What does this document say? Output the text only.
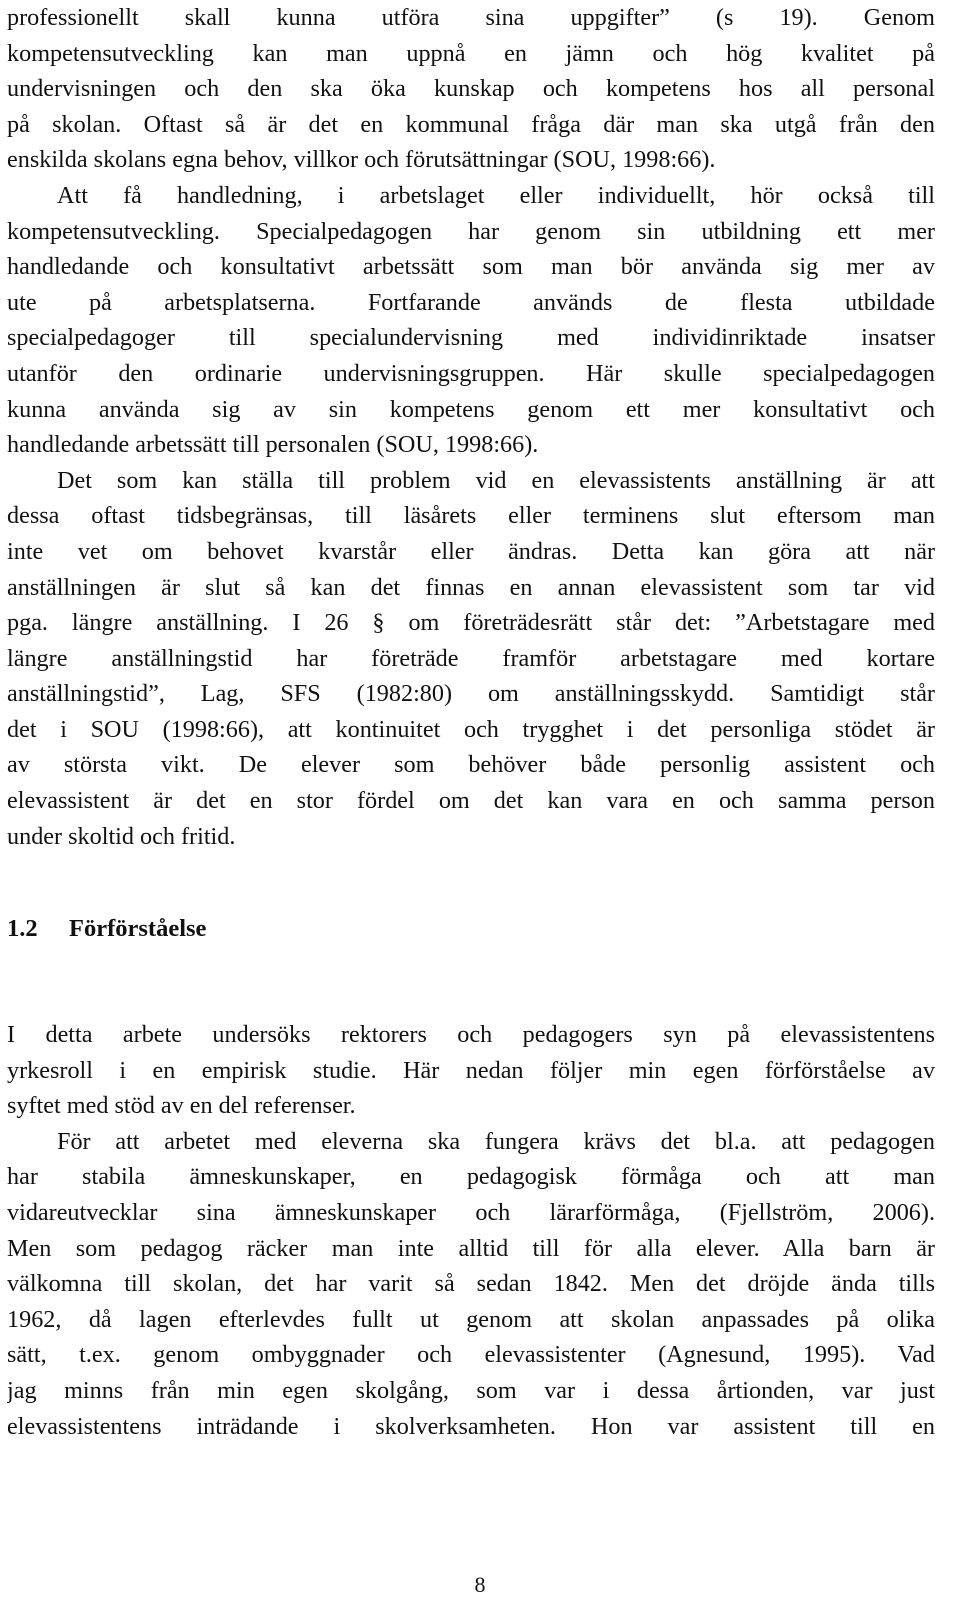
professionellt skall kunna utföra sina uppgifter” (s 19). Genom
kompetensutveckling kan man uppnå en jämn och hög kvalitet på
undervisningen och den ska öka kunskap och kompetens hos all personal
på skolan. Oftast så är det en kommunal fråga där man ska utgå från den
enskilda skolans egna behov, villkor och förutsättningar (SOU, 1998:66).
Att få handledning, i arbetslaget eller individuellt, hör också till
kompetensutveckling. Specialpedagogen har genom sin utbildning ett mer
handledande och konsultativt arbetssätt som man bör använda sig mer av
ute på arbetsplatserna. Fortfarande används de flesta utbildade
specialpedagoger till specialundervisning med individinriktade insatser
utanför den ordinarie undervisningsgruppen. Här skulle specialpedagogen
kunna använda sig av sin kompetens genom ett mer konsultativt och
handledande arbetssätt till personalen (SOU, 1998:66).
Det som kan ställa till problem vid en elevassistents anställning är att
dessa oftast tidsbegränsas, till läsårets eller terminens slut eftersom man
inte vet om behovet kvarstår eller ändras. Detta kan göra att när
anställningen är slut så kan det finnas en annan elevassistent som tar vid
pga. längre anställning. I 26 § om företrädesrätt står det: ”Arbetstagare med
längre anställningstid har företräde framför arbetstagare med kortare
anställningstid”, Lag, SFS (1982:80) om anställningsskydd. Samtidigt står
det i SOU (1998:66), att kontinuitet och trygghet i det personliga stödet är
av största vikt. De elever som behöver både personlig assistent och
elevassistent är det en stor fördel om det kan vara en och samma person
under skoltid och fritid.
1.2 Förförståelse
I detta arbete undersöks rektorers och pedagogers syn på elevassistentens
yrkesroll i en empirisk studie. Här nedan följer min egen förförståelse av
syftet med stöd av en del referenser.
För att arbetet med eleverna ska fungera krävs det bl.a. att pedagogen
har stabila ämneskunskaper, en pedagogisk förmåga och att man
vidareutvecklar sina ämneskunskaper och lärarförmåga, (Fjellström, 2006).
Men som pedagog räcker man inte alltid till för alla elever. Alla barn är
välkomna till skolan, det har varit så sedan 1842. Men det dröjde ända tills
1962, då lagen efterlevdes fullt ut genom att skolan anpassades på olika
sätt, t.ex. genom ombyggnader och elevassistenter (Agnesund, 1995). Vad
jag minns från min egen skolgång, som var i dessa årtionden, var just
elevassistentens inträdande i skolverksamheten. Hon var assistent till en
8
